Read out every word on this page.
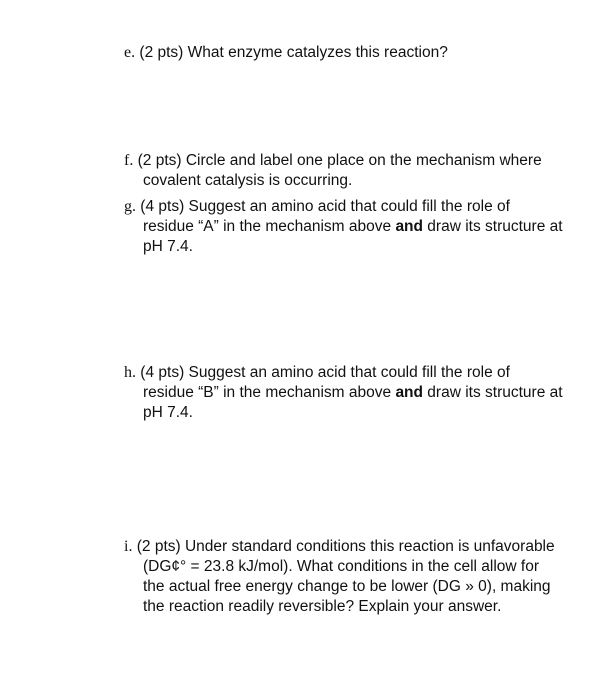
e. (2 pts) What enzyme catalyzes this reaction?
f. (2 pts) Circle and label one place on the mechanism where covalent catalysis is occurring.
g. (4 pts) Suggest an amino acid that could fill the role of residue “A” in the mechanism above and draw its structure at pH 7.4.
h. (4 pts) Suggest an amino acid that could fill the role of residue “B” in the mechanism above and draw its structure at pH 7.4.
i. (2 pts) Under standard conditions this reaction is unfavorable (DG¢° = 23.8 kJ/mol). What conditions in the cell allow for the actual free energy change to be lower (DG » 0), making the reaction readily reversible? Explain your answer.
